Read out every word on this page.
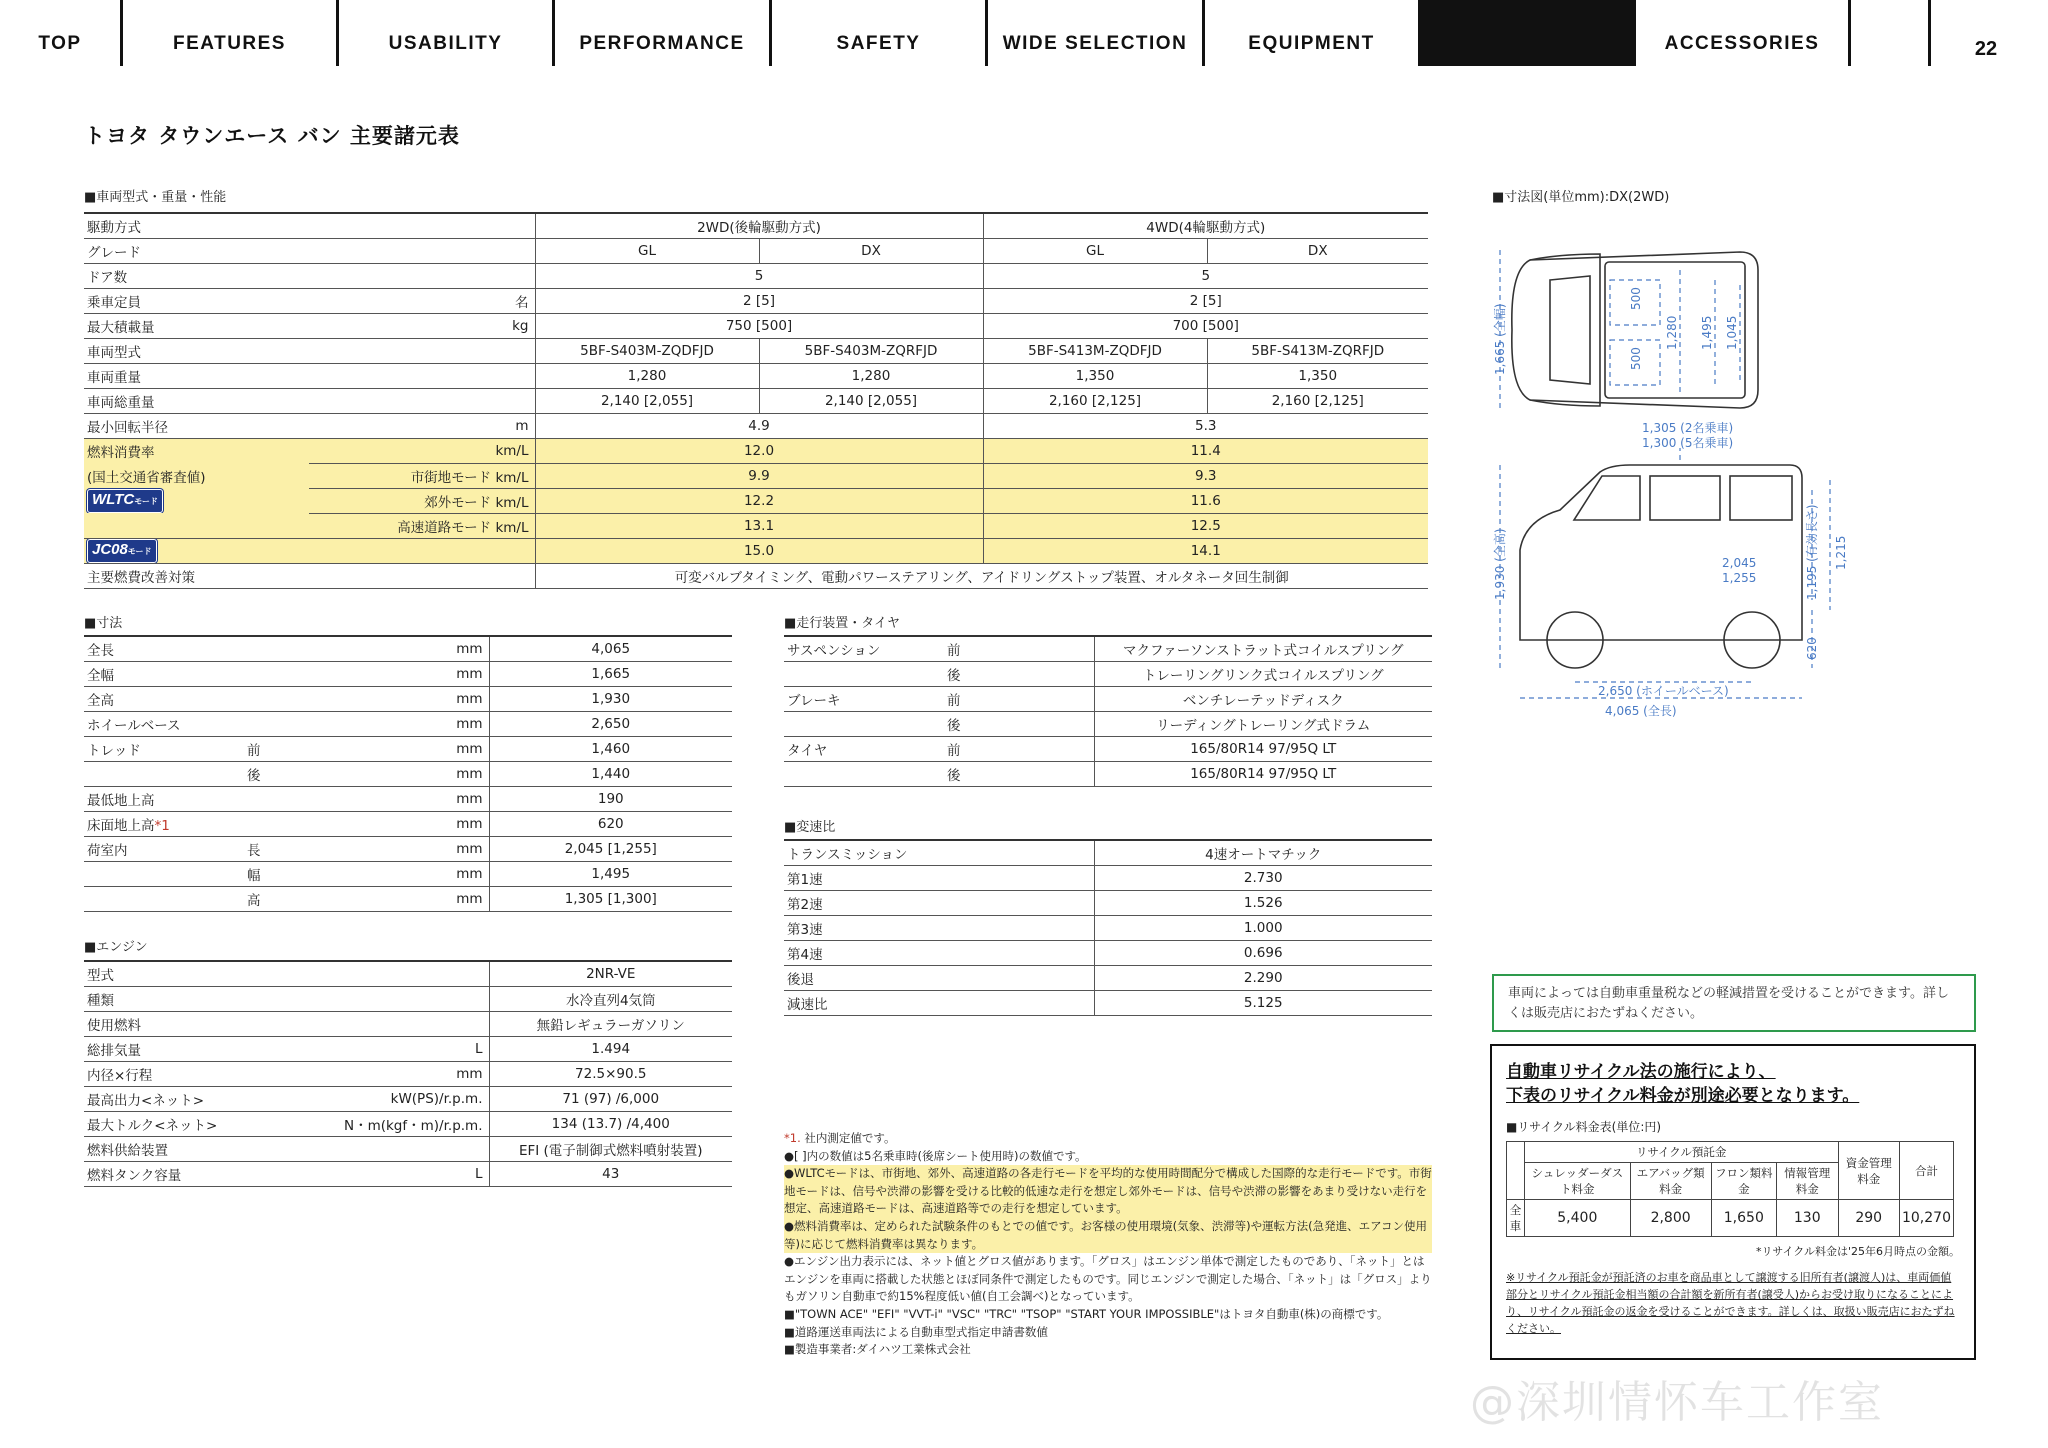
TOP	FEATURES	USABILITY	PERFORMANCE	SAFETY	WIDE SELECTION	EQUIPMENT	ACCESSORIES	22
トヨタ タウンエース バン 主要諸元表
■車両型式・重量・性能
駆動方式		2WD(後輪駆動方式)		4WD(4輪駆動方式)	
グレード		GL	DX	GL	DX
ドア数		5		5	
乗車定員	名	2 [5]		2 [5]	
最大積載量	kg	750 [500]		700 [500]	
車両型式		5BF-S403M-ZQDFJD	5BF-S403M-ZQRFJD	5BF-S413M-ZQDFJD	5BF-S413M-ZQRFJD
車両重量		1,280	1,280	1,350	1,350
車両総重量		2,140 [2,055]	2,140 [2,055]	2,160 [2,125]	2,160 [2,125]
最小回転半径	m	4.9		5.3	
燃料消費率	km/L	12.0		11.4	
(国土交通省審査値)	市街地モード km/L	9.9		9.3	
WLTCモード	郊外モード km/L	12.2		11.6	
	高速道路モード km/L	13.1		12.5	
JC08モード		15.0		14.1	
主要燃費改善対策		可変バルブタイミング、電動パワーステアリング、アイドリングストップ装置、オルタネータ回生制御			
■寸法
全長		mm	4,065
全幅		mm	1,665
全高		mm	1,930
ホイールベース		mm	2,650
トレッド	前	mm	1,460
	後	mm	1,440
最低地上高		mm	190
床面地上高*1		mm	620
荷室内	長	mm	2,045 [1,255]
	幅	mm	1,495
	高	mm	1,305 [1,300]
■エンジン
型式		2NR-VE
種類		水冷直列4気筒
使用燃料		無鉛レギュラーガソリン
総排気量	L	1.494
内径×行程	mm	72.5×90.5
最高出力<ネット>	kW(PS)/r.p.m.	71 (97) /6,000
最大トルク<ネット>	N・m(kgf・m)/r.p.m.	134 (13.7) /4,400
燃料供給装置		EFI (電子制御式燃料噴射装置)
燃料タンク容量	L	43
■走行装置・タイヤ
サスペンション	前	マクファーソンストラット式コイルスプリング
	後	トレーリングリンク式コイルスプリング
ブレーキ	前	ベンチレーテッドディスク
	後	リーディングトレーリング式ドラム
タイヤ	前	165/80R14 97/95Q LT
	後	165/80R14 97/95Q LT
■変速比
トランスミッション	4速オートマチック
第1速	2.730
第2速	1.526
第3速	1.000
第4速	0.696
後退	2.290
減速比	5.125
*1. 社内測定値です。
●[ ]内の数値は5名乗車時(後席シート使用時)の数値です。
●WLTCモードは、市街地、郊外、高速道路の各走行モードを平均的な使用時間配分で構成した国際的な走行モードです。市街地モードは、信号や渋滞の影響を受ける比較的低速な走行を想定し郊外モードは、信号や渋滞の影響をあまり受けない走行を想定、高速道路モードは、高速道路等での走行を想定しています。
●燃料消費率は、定められた試験条件のもとでの値です。お客様の使用環境(気象、渋滞等)や運転方法(急発進、エアコン使用等)に応じて燃料消費率は異なります。
●エンジン出力表示には、ネット値とグロス値があります。「グロス」はエンジン単体で測定したものであり、「ネット」とはエンジンを車両に搭載した状態とほぼ同条件で測定したものです。同じエンジンで測定した場合、「ネット」は「グロス」よりもガソリン自動車で約15%程度低い値(自工会調べ)となっています。
■"TOWN ACE" "EFI" "VVT-i" "VSC" "TRC" "TSOP" "START YOUR IMPOSSIBLE"はトヨタ自動車(株)の商標です。
■道路運送車両法による自動車型式指定申請書数値
■製造事業者:ダイハツ工業株式会社
■寸法図(単位mm):DX(2WD)
1,665 (全幅)
500
500
1,280 1,495 1,045
1,305 (2名乗車)
1,300 (5名乗車)
2,045
1,255
1,930 (全高)	1,215
1,195 (有効長さ)
620
2,650 (ホイールベース)
4,065 (全長)
車両によっては自動車重量税などの軽減措置を受けることができます。詳しくは販売店におたずねください。
自動車リサイクル法の施行により、
下表のリサイクル料金が別途必要となります。
■リサイクル料金表(単位:円)
	リサイクル預託金				資金管理料金	合計
	シュレッダーダスト料金	エアバッグ類料金	フロン類料金	情報管理料金		
全車	5,400	2,800	1,650	130	290	10,270
*リサイクル料金は'25年6月時点の金額。
※リサイクル預託金が預託済のお車を商品車として譲渡する旧所有者(譲渡人)は、車両価値部分とリサイクル預託金相当額の合計額を新所有者(譲受人)からお受け取りになることにより、リサイクル預託金の返金を受けることができます。詳しくは、取扱い販売店におたずねください。
@深圳情怀车工作室
